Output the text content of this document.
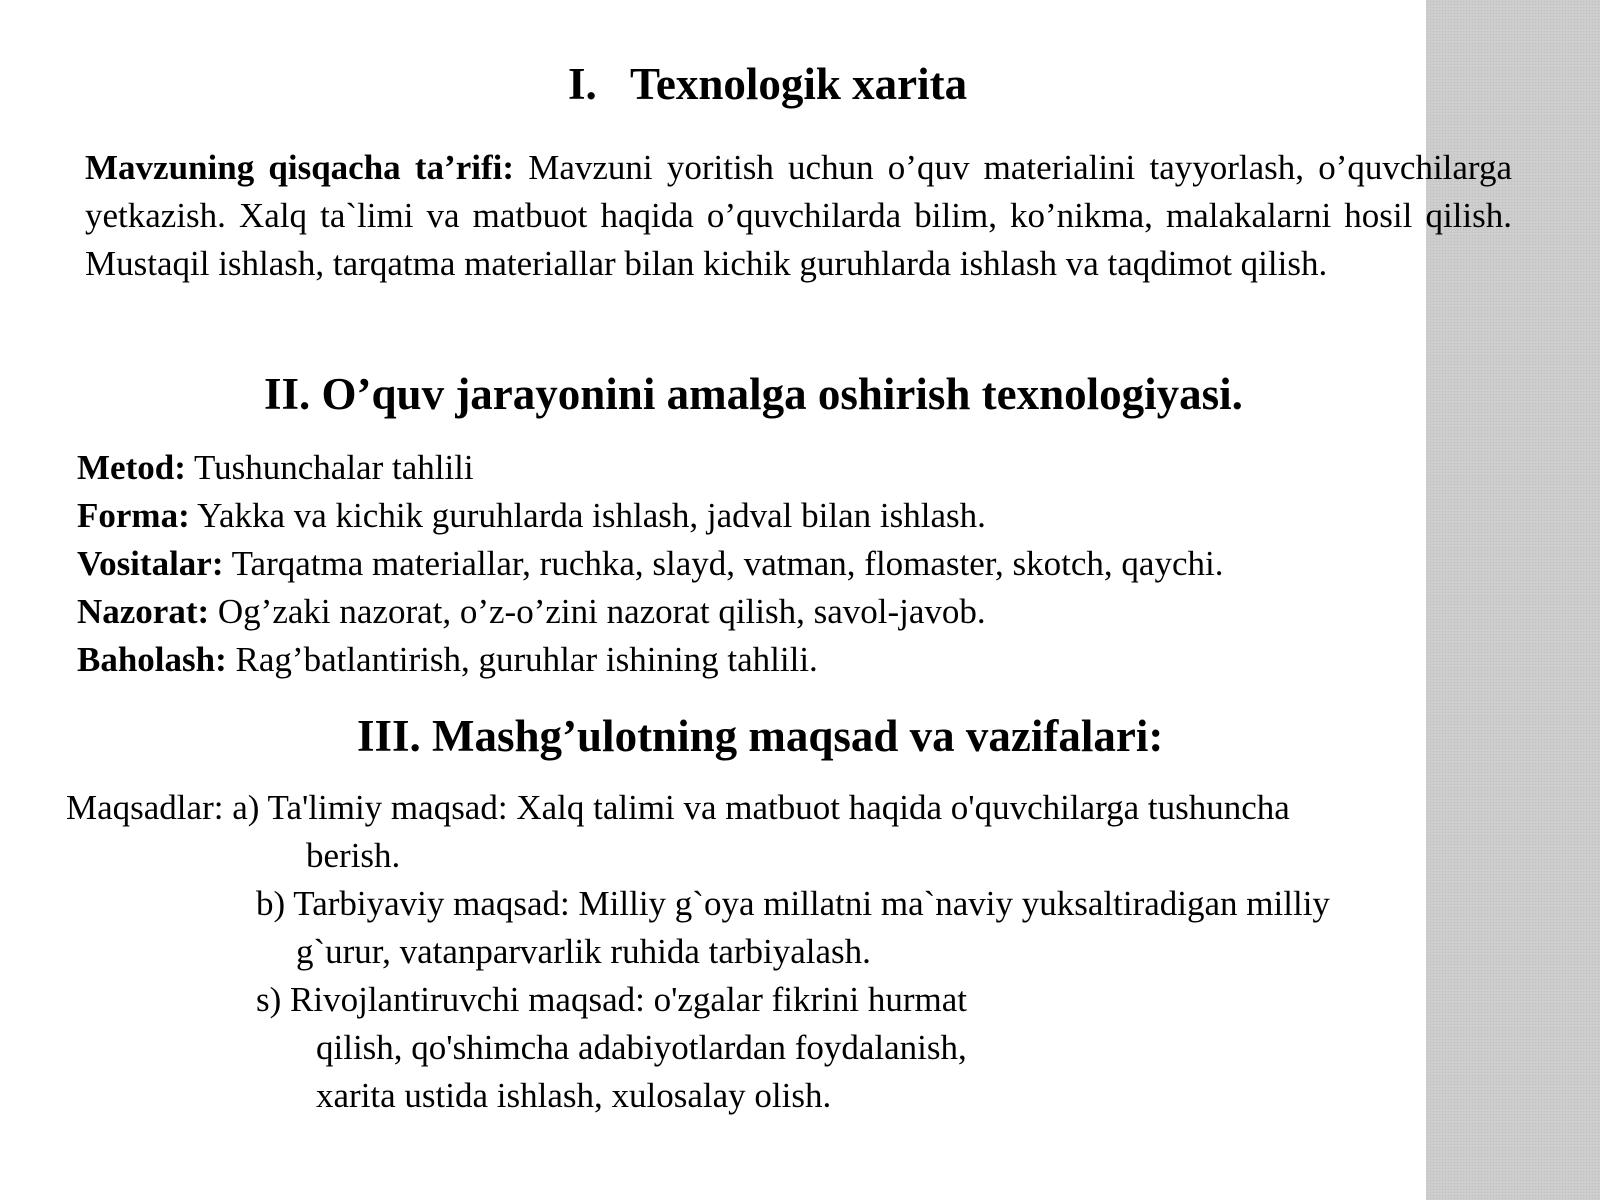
I. Texnologik xarita
Mavzuning qisqacha ta’rifi: Mavzuni yoritish uchun o’quv materialini tayyorlash, o’quvchilarga yetkazish. Xalq ta`limi va matbuot haqida o’quvchilarda bilim, ko’nikma, malakalarni hosil qilish. Mustaqil ishlash, tarqatma materiallar bilan kichik guruhlarda ishlash va taqdimot qilish.
II. O’quv jarayonini amalga oshirish texnologiyasi.
Metod: Tushunchalar tahlili
Forma: Yakka va kichik guruhlarda ishlash, jadval bilan ishlash.
Vositalar: Tarqatma materiallar, ruchka, slayd, vatman, flomaster, skotch, qaychi.
Nazorat: Og’zaki nazorat, o’z-o’zini nazorat qilish, savol-javob.
Baholash: Rag’batlantirish, guruhlar ishining tahlili.
III. Mashg’ulotning maqsad va vazifalari:
Maqsadlar: a) Ta'limiy maqsad: Xalq talimi va matbuot haqida o'quvchilarga tushuncha
berish.
b) Tarbiyaviy maqsad: Milliy g`oya millatni ma`naviy yuksaltiradigan milliy
g`urur, vatanparvarlik ruhida tarbiyalash.
s) Rivojlantiruvchi maqsad: o'zgalar fikrini hurmat
qilish, qo'shimcha adabiyotlardan foydalanish,
xarita ustida ishlash, xulosalay olish.
